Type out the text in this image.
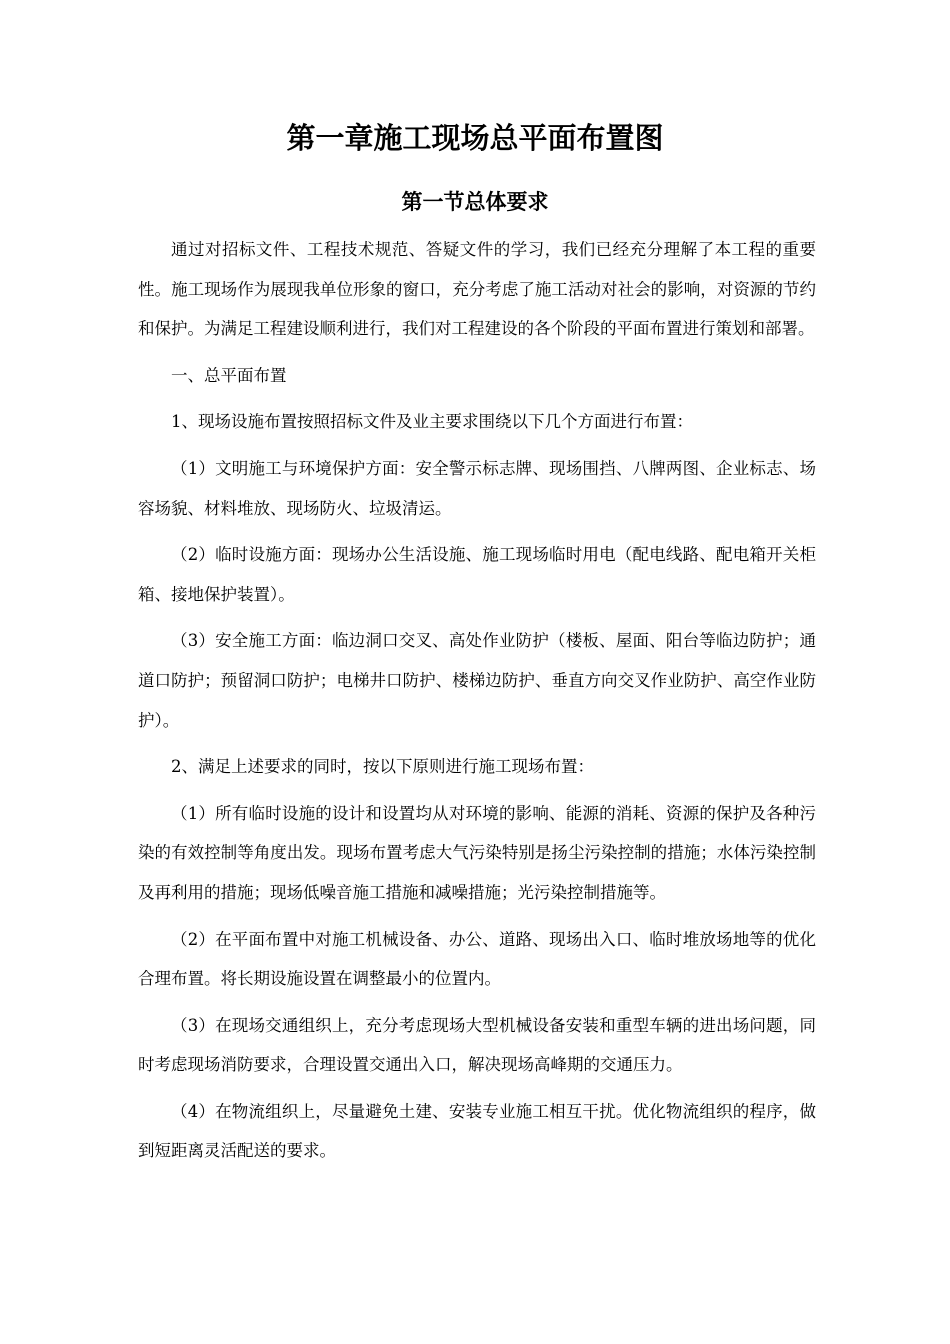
第一章施工现场总平面布置图
第一节总体要求

通过对招标文件、工程技术规范、答疑文件的学习，我们已经充分理解了本工程的重要性。施工现场作为展现我单位形象的窗口，充分考虑了施工活动对社会的影响，对资源的节约和保护。为满足工程建设顺利进行，我们对工程建设的各个阶段的平面布置进行策划和部署。

一、总平面布置

1、现场设施布置按照招标文件及业主要求围绕以下几个方面进行布置：

（1）文明施工与环境保护方面：安全警示标志牌、现场围挡、八牌两图、企业标志、场容场貌、材料堆放、现场防火、垃圾清运。

（2）临时设施方面：现场办公生活设施、施工现场临时用电（配电线路、配电箱开关柜箱、接地保护装置）。

（3）安全施工方面：临边洞口交叉、高处作业防护（楼板、屋面、阳台等临边防护；通道口防护；预留洞口防护；电梯井口防护、楼梯边防护、垂直方向交叉作业防护、高空作业防护）。

2、满足上述要求的同时，按以下原则进行施工现场布置：

（1）所有临时设施的设计和设置均从对环境的影响、能源的消耗、资源的保护及各种污染的有效控制等角度出发。现场布置考虑大气污染特别是扬尘污染控制的措施；水体污染控制及再利用的措施；现场低噪音施工措施和减噪措施；光污染控制措施等。

（2）在平面布置中对施工机械设备、办公、道路、现场出入口、临时堆放场地等的优化合理布置。将长期设施设置在调整最小的位置内。

（3）在现场交通组织上，充分考虑现场大型机械设备安装和重型车辆的进出场问题，同时考虑现场消防要求，合理设置交通出入口，解决现场高峰期的交通压力。

（4）在物流组织上，尽量避免土建、安装专业施工相互干扰。优化物流组织的程序，做到短距离灵活配送的要求。
